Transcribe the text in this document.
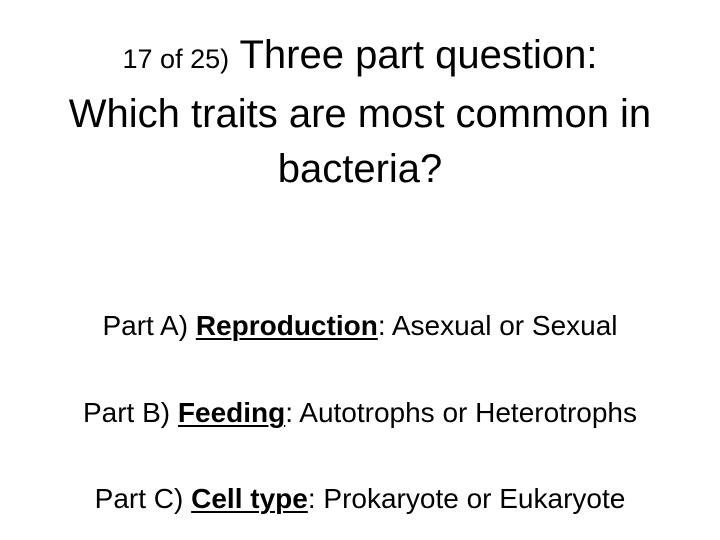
17 of 25) Three part question:
Which traits are most common in
bacteria?
Part A) Reproduction: Asexual or Sexual
Part B) Feeding: Autotrophs or Heterotrophs
Part C) Cell type: Prokaryote or Eukaryote
